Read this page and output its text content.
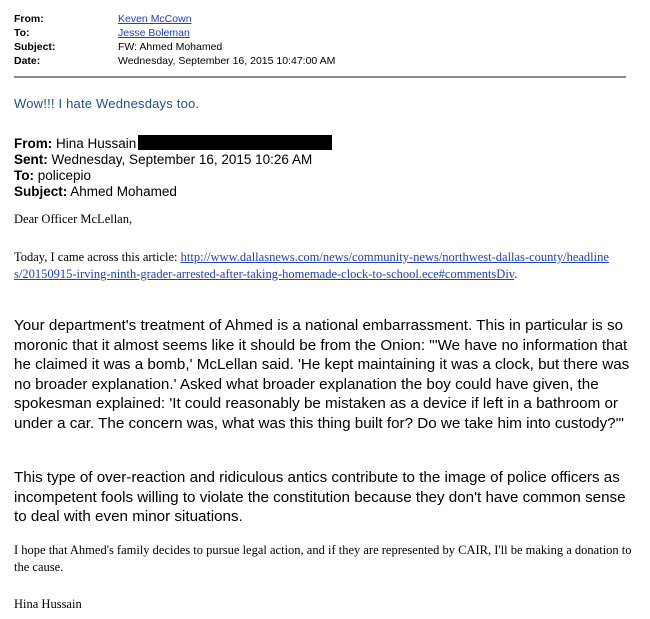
From:	Keven McCown
To:	Jesse Boleman
Subject:	FW: Ahmed Mohamed
Date:	Wednesday, September 16, 2015 10:47:00 AM
Wow!!! I hate Wednesdays too.
From: Hina Hussain
Sent: Wednesday, September 16, 2015 10:26 AM
To: policepio
Subject: Ahmed Mohamed
Dear Officer McLellan,
Today, I came across this article: http://www.dallasnews.com/news/community-news/northwest-dallas-county/headlines/20150915-irving-ninth-grader-arrested-after-taking-homemade-clock-to-school.ece#commentsDiv.
Your department's treatment of Ahmed is a national embarrassment. This in particular is so moronic that it almost seems like it should be from the Onion: "'We have no information that he claimed it was a bomb,' McLellan said. 'He kept maintaining it was a clock, but there was no broader explanation.' Asked what broader explanation the boy could have given, the spokesman explained: 'It could reasonably be mistaken as a device if left in a bathroom or under a car. The concern was, what was this thing built for? Do we take him into custody?'"
This type of over-reaction and ridiculous antics contribute to the image of police officers as incompetent fools willing to violate the constitution because they don't have common sense to deal with even minor situations.
I hope that Ahmed's family decides to pursue legal action, and if they are represented by CAIR, I'll be making a donation to the cause.
Hina Hussain
